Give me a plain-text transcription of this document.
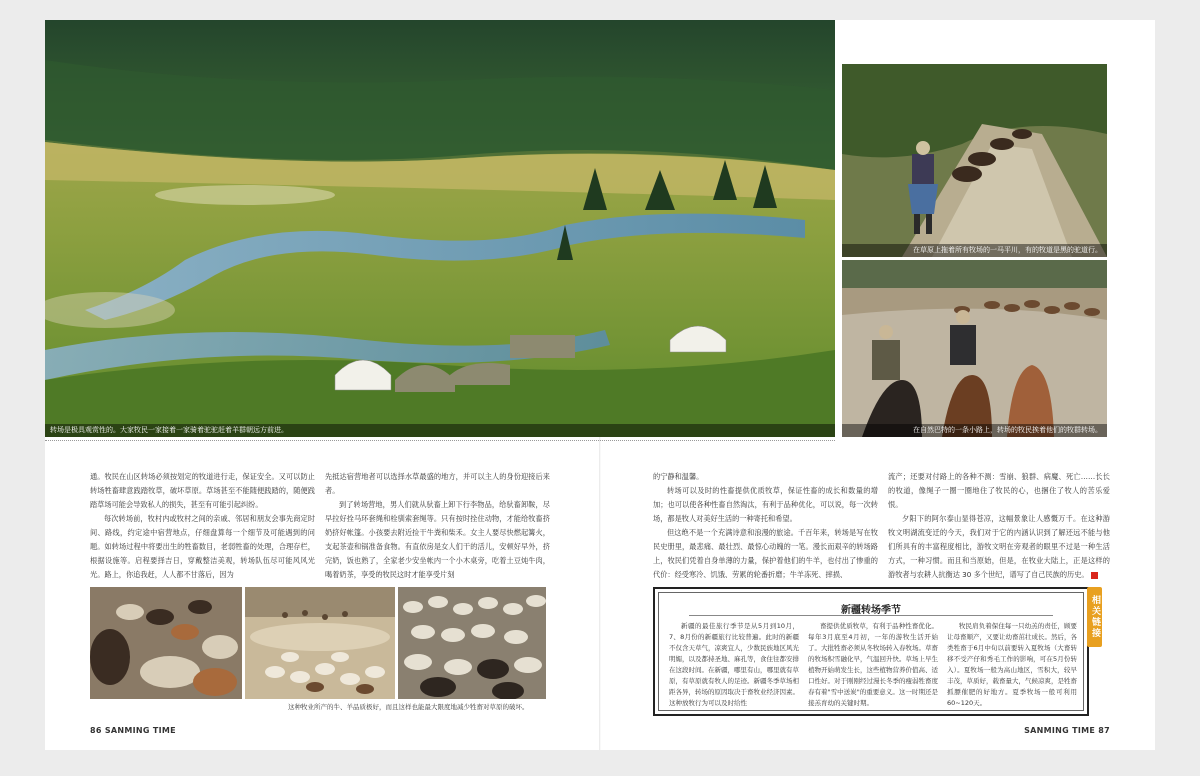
转场是极具观赏性的。大家牧民一家接着一家骑着驼驼赶着羊群朝远方前进。
在草原上拖着所有牧场的一马平川，有的牧道是黑的驼道行。
在自然巴特的一条小路上，转场的牧民挨着他们的牧群转场。

通。牧民在山区转场必须按划定的牧道进行走，保证安全。又可以防止转场牲畜肆意践踏牧草，破坏草原。草场甚至不能随便践踏的，随便践踏草场可能会导致私人的损失，甚至有可能引起纠纷。

每次转场前，牧村内或牧村之间的亲戚、邻居和朋友会事先商定时间、路线，约定途中宿营地点，仔细盘算每一个细节及可能遇到的问题。如转场过程中将要出生的牲畜数目，老弱牲畜的处理，合理存栏，根据设施等。启程要择吉日，穿戴整洁美观，转场队伍尽可能风风光光。路上，你追我赶，人人都不甘落后，因为

先抵达宿营地者可以选择水草最盛的地方，并可以主人的身份迎接后来者。

到了转场营地，男人们就从驮畜上卸下行李物品，给驮畜卸鞍，尽早拉好拴马环套绳和栓驯索套绳等。只有按时拴住动物，才能给牧畜挤奶挤好帐篷。小孩要去附近捡干牛粪和柴禾。女主人要尽快燃起篝火，支起茶壶和锅准备食物。有直依房是女人们干的活儿，安顿好早外，挤完奶，饭也熟了，全家老少安坐帐内一个小木桌旁，吃着土豆炖牛肉，喝着奶茶，享受的牧民这时才能享受片刻

的宁静和温馨。

转场可以及时的性畜提供优质牧草，保证性畜的成长和数量的增加；也可以使各种性畜自然淘汰，有利于品种优化，可以说，每一次转场，都是牧人对美好生活的一种寄托和希望。

但这绝不是一个充满诗意和浪漫的旅途。千百年来，转场是写在牧民史册里，最悲痛、最壮烈、最惊心动魄的一笔。漫长而艰辛的转场路上，牧民们凭着自身单薄的力量，保护着他们的牛羊，也付出了惨重的代价：经受寒冷、饥饿、劳累的轮番折磨；牛羊冻死、摔损、

流产；还要对付路上的各种不测：雪崩、狼群、病魔、死亡……长长的牧道，像绳子一圈一圈地住了牧民的心，也捆住了牧人的苦乐爱恨。

夕阳下的阿尔泰山显得苍凉，这幅景象让人感慨万千。在这种游牧文明湖流变迁的今天，我们对于它的内涵认识到了解还远不能与他们所具有的丰富程度相比，游牧文明在旁观者的眼里不过是一种生活方式，一种习惯。而且和当原始，但是，在牧业大陆上，正是这样的游牧者与农耕人抗衡达 30 多个世纪，谱写了自己民族的历史。

这种牧业所产的牛、羊品质极好，而且这样也能最大限度地减少牲畜对草原的破坏。
新疆转场季节

新疆的最佳旅行季节是从5月到10月，7、8月份的新疆旅行比较普遍。此时的新疆不仅含天草气，凉爽宜人，少数民族地区风光明媚，以及都持圣地、麻孔等，食住往都安排在这段时间。在新疆，哪里有山，哪里就有草原，有草原就有牧人的足迹。新疆冬季草场相距各异，转场的原因取决于畜牧业经济因素。这种放牧行为可以及时给性

畜提供优质牧草，有利于品种性畜优化。每年3月底至4月初，一年的游牧生活开始了。大批牲畜必须从冬牧场转入春牧场。草畜的牧场积雪融化早，气温回升快。草场上早生植物开始萌发生长，这些植物营养价值高、适口性好。对于刚刚经过漫长冬季的瘦弱牲畜度春有着"雪中送炭"的重要意义。这一时期还是接羔育幼的关键时期。

牧民肩负着保住每一只幼羔的责任，顾要让母畜顺产，又要让幼畜茁壮成长。然后，各类牲畜于6月中旬以前要转入夏牧场（大畜转移不受产仔和秀毛工作的影响，可在5月份转入）。夏牧场一般为高山地区，雪积大，较早丰茂，草质好，载畜量大，气候凉爽，是牲畜抓膘催肥的好地方。夏季牧场一般可利用60~120天。

相关链接
86 SANMING TIME	SANMING TIME 87
